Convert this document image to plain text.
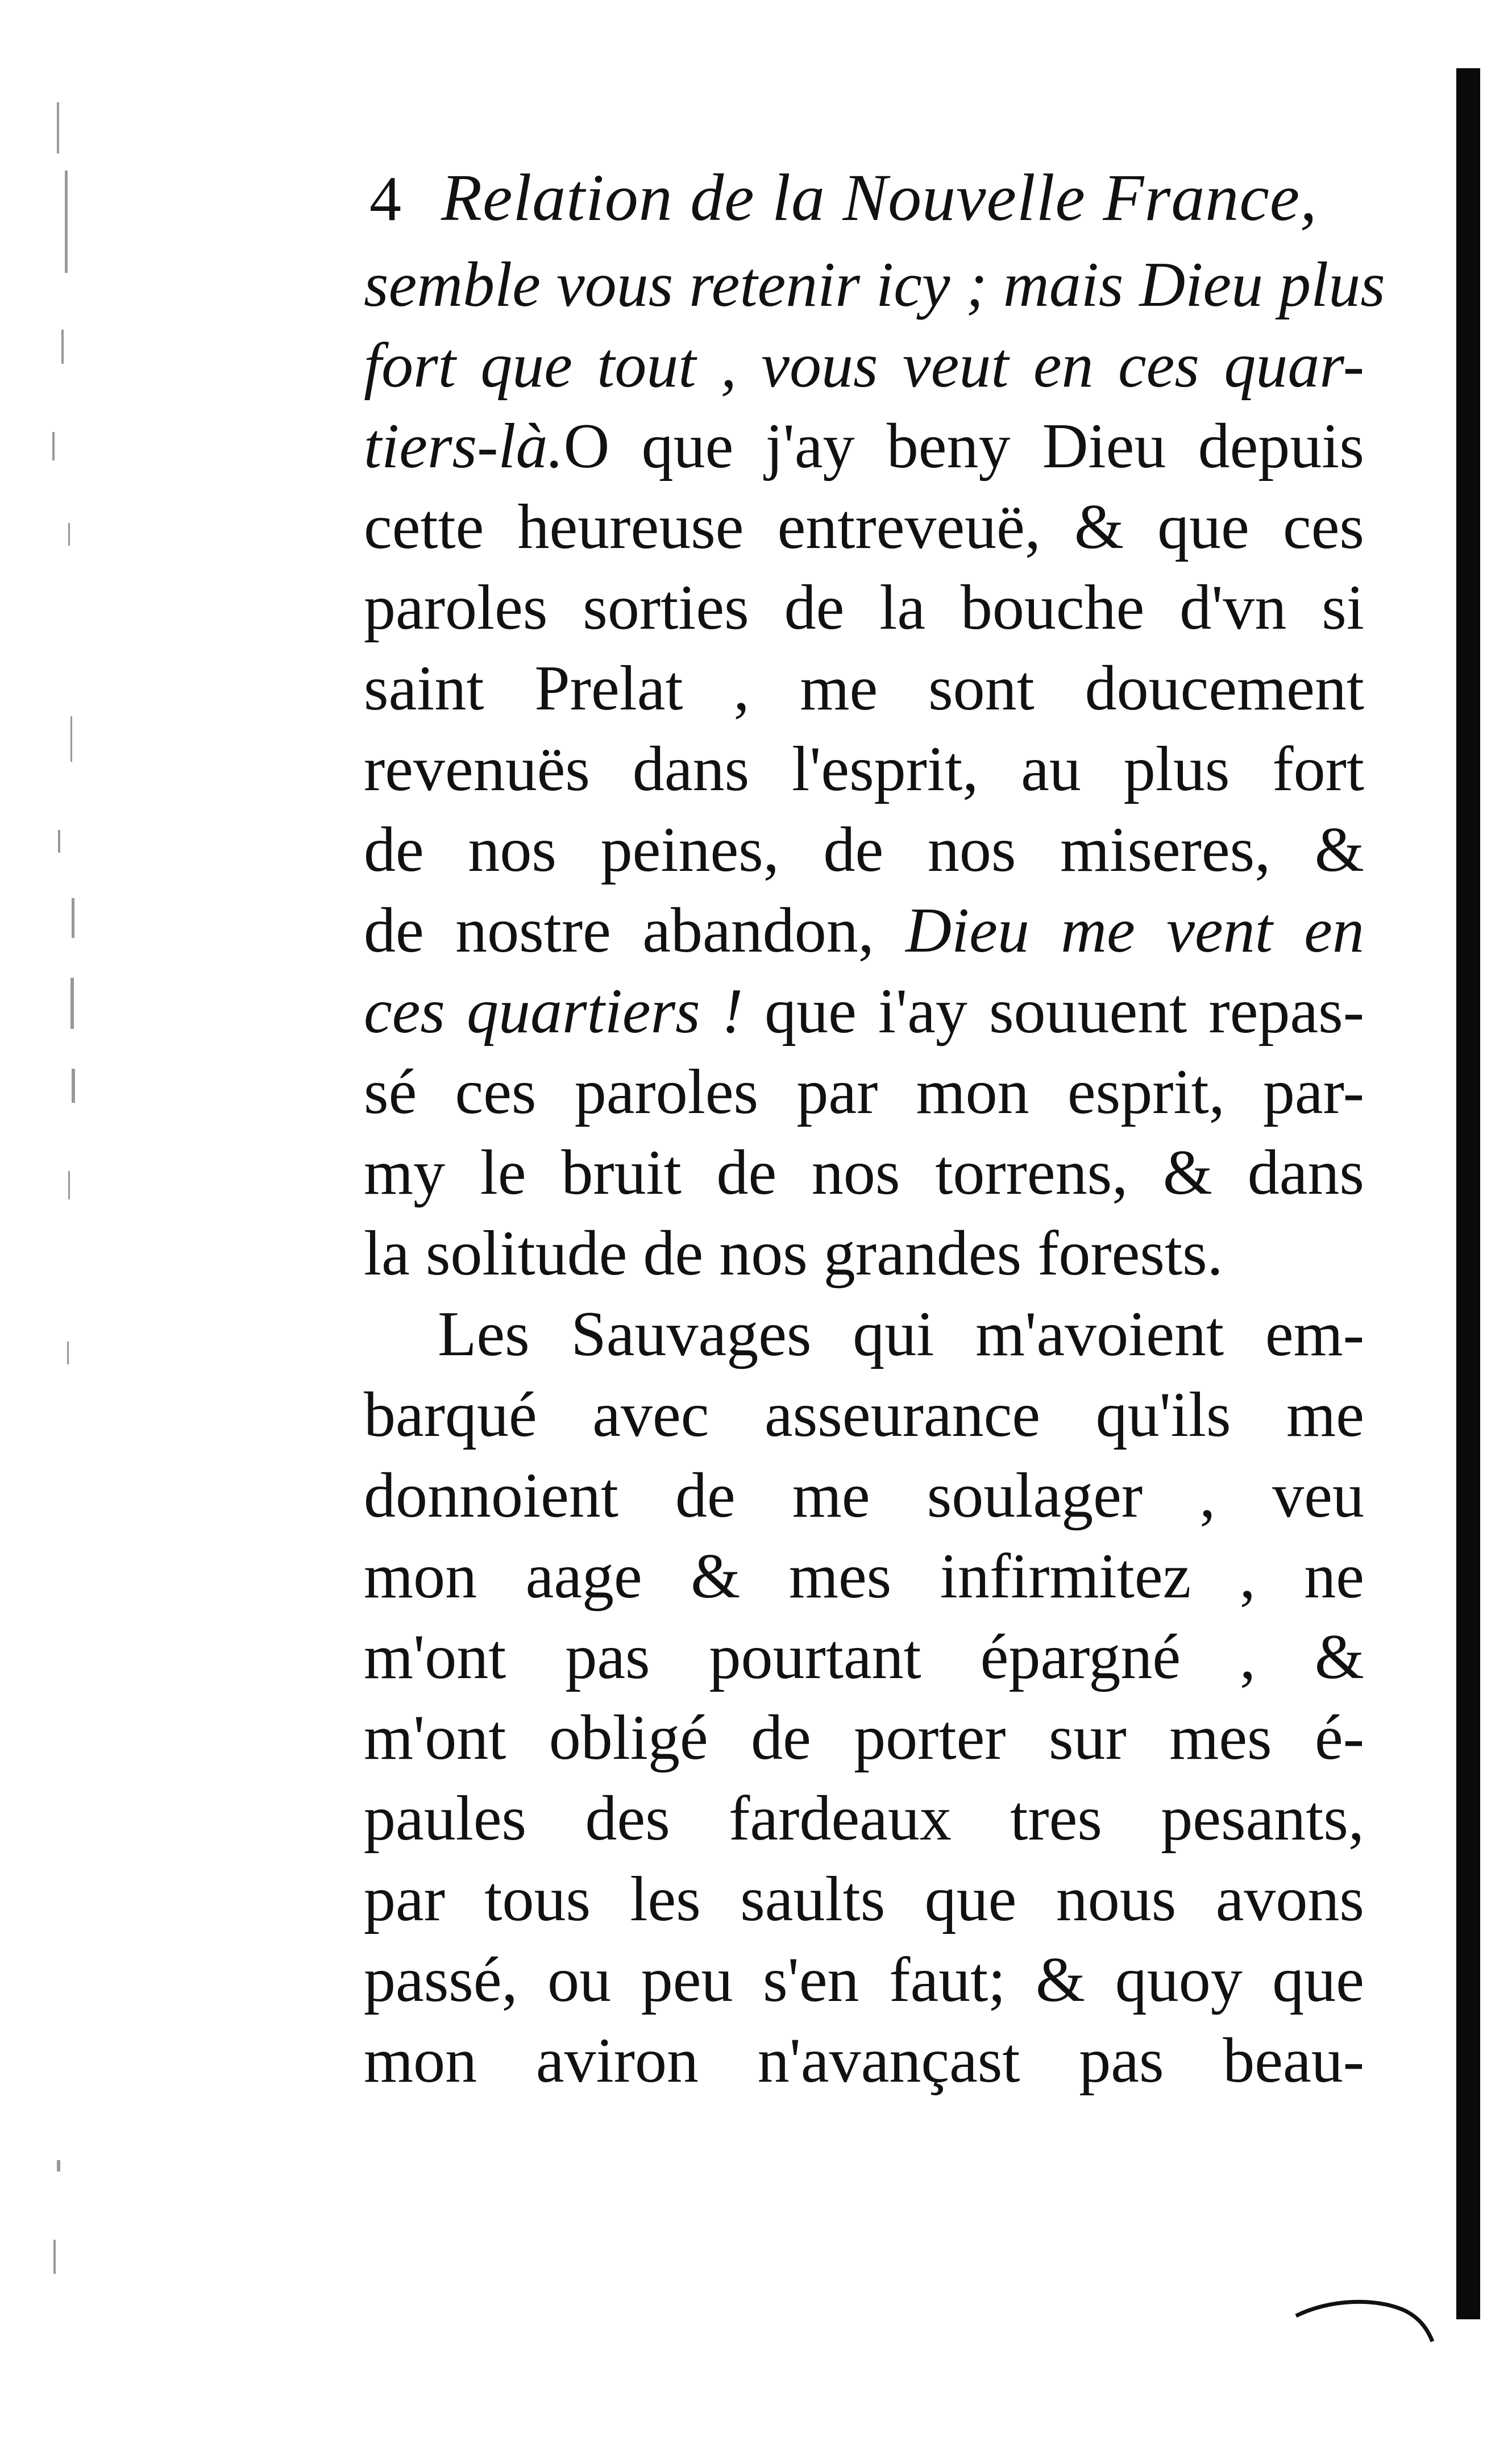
4 Relation de la Nouvelle France,
semble vous retenir icy ; mais Dieu plus
fort que tout , vous veut en ces quar-
tiers-là.O que j'ay beny Dieu depuis
cette heureuse entreveuë, & que ces
paroles sorties de la bouche d'vn si
saint Prelat , me sont doucement
revenuës dans l'esprit, au plus fort
de nos peines, de nos miseres, &
de nostre abandon, Dieu me vent en
ces quartiers ! que i'ay souuent repas-
sé ces paroles par mon esprit, par-
my le bruit de nos torrens, & dans
la solitude de nos grandes forests.
Les Sauvages qui m'avoient em-
barqué avec asseurance qu'ils me
donnoient de me soulager , veu
mon aage & mes infirmitez , ne
m'ont pas pourtant épargné , &
m'ont obligé de porter sur mes é-
paules des fardeaux tres pesants,
par tous les saults que nous avons
passé, ou peu s'en faut; & quoy que
mon aviron n'avançast pas beau-
